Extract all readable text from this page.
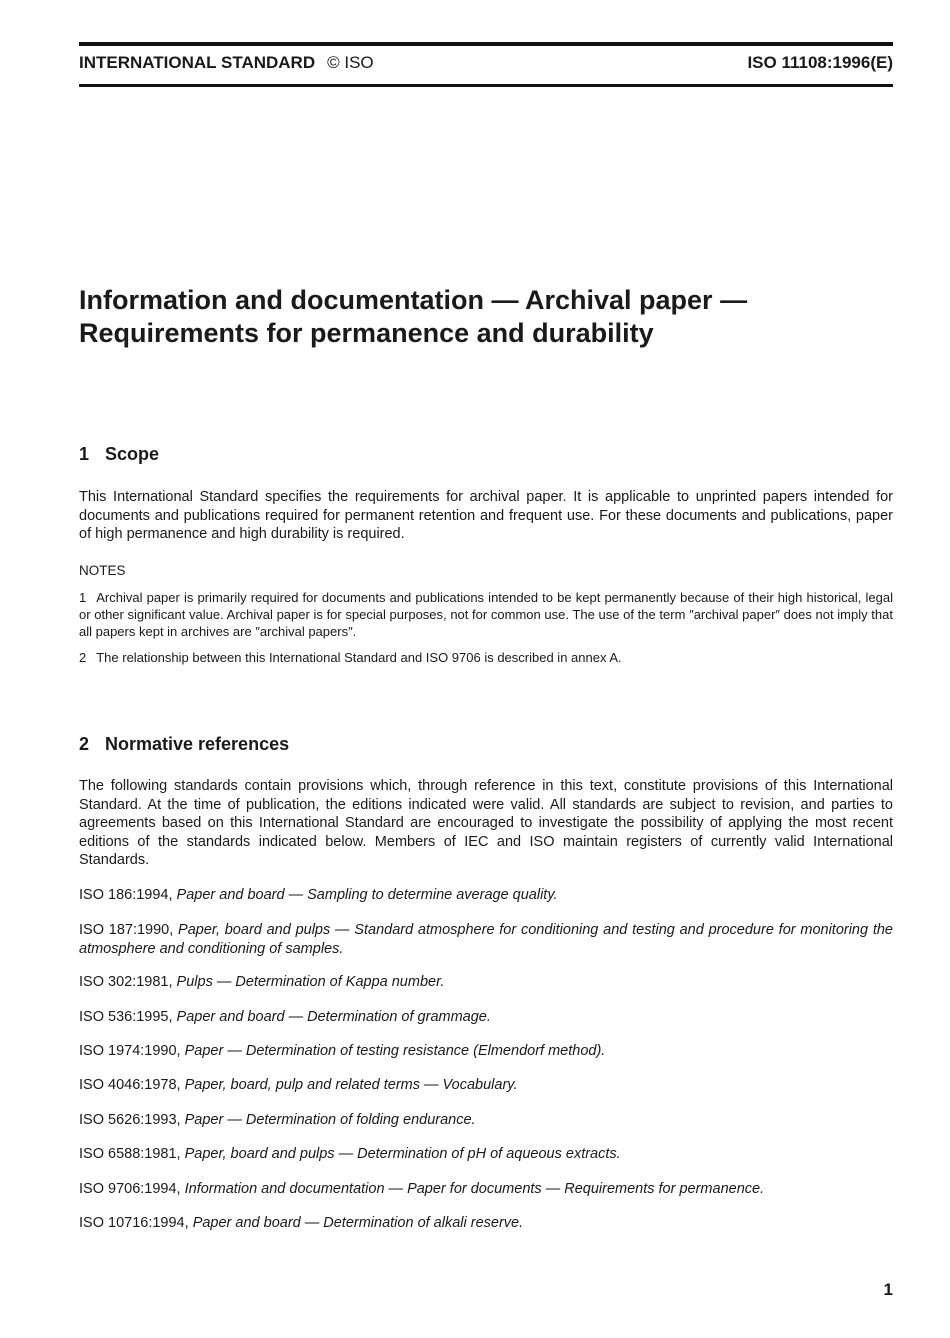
INTERNATIONAL STANDARD © ISO	ISO 11108:1996(E)
Information and documentation — Archival paper —
Requirements for permanence and durability
1 Scope

This International Standard specifies the requirements for archival paper. It is applicable to unprinted papers intended for documents and publications required for permanent retention and frequent use. For these documents and publications, paper of high permanence and high durability is required.

NOTES

1 Archival paper is primarily required for documents and publications intended to be kept permanently because of their high historical, legal or other significant value. Archival paper is for special purposes, not for common use. The use of the term ″archival paper″ does not imply that all papers kept in archives are ″archival papers″.

2 The relationship between this International Standard and ISO 9706 is described in annex A.

2 Normative references

The following standards contain provisions which, through reference in this text, constitute provisions of this International Standard. At the time of publication, the editions indicated were valid. All standards are subject to revision, and parties to agreements based on this International Standard are encouraged to investigate the possibility of applying the most recent editions of the standards indicated below. Members of IEC and ISO maintain registers of currently valid International Standards.

ISO 186:1994, Paper and board — Sampling to determine average quality.

ISO 187:1990, Paper, board and pulps — Standard atmosphere for conditioning and testing and procedure for monitoring the atmosphere and conditioning of samples.

ISO 302:1981, Pulps — Determination of Kappa number.

ISO 536:1995, Paper and board — Determination of grammage.

ISO 1974:1990, Paper — Determination of testing resistance (Elmendorf method).

ISO 4046:1978, Paper, board, pulp and related terms — Vocabulary.

ISO 5626:1993, Paper — Determination of folding endurance.

ISO 6588:1981, Paper, board and pulps — Determination of pH of aqueous extracts.

ISO 9706:1994, Information and documentation — Paper for documents — Requirements for permanence.

ISO 10716:1994, Paper and board — Determination of alkali reserve.

1
